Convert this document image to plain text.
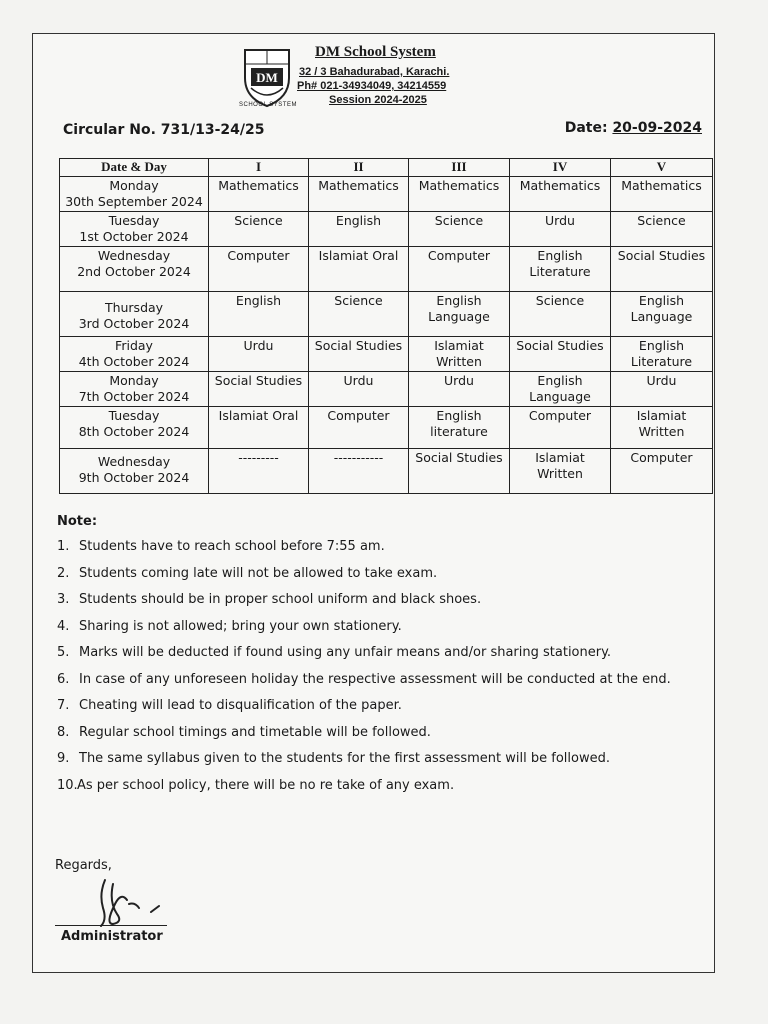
DM
SCHOOL SYSTEM
DM School System
32 / 3 Bahadurabad, Karachi.
Ph# 021-34934049, 34214559
Session 2024-2025
Circular No. 731/13-24/25	Date: 20-09-2024
Date & Day	I	II	III	IV	V
Monday
30th September 2024	Mathematics	Mathematics	Mathematics	Mathematics	Mathematics
Tuesday
1st October 2024	Science	English	Science	Urdu	Science
Wednesday
2nd October 2024	Computer	Islamiat Oral	Computer	English Literature	Social Studies
Thursday
3rd October 2024	English	Science	English Language	Science	English Language
Friday
4th October 2024	Urdu	Social Studies	Islamiat Written	Social Studies	English Literature
Monday
7th October 2024	Social Studies	Urdu	Urdu	English Language	Urdu
Tuesday
8th October 2024	Islamiat Oral	Computer	English literature	Computer	Islamiat Written
Wednesday
9th October 2024	---------	-----------	Social Studies	Islamiat Written	Computer
Note:
1. Students have to reach school before 7:55 am.
2. Students coming late will not be allowed to take exam.
3. Students should be in proper school uniform and black shoes.
4. Sharing is not allowed; bring your own stationery.
5. Marks will be deducted if found using any unfair means and/or sharing stationery.
6. In case of any unforeseen holiday the respective assessment will be conducted at the end.
7. Cheating will lead to disqualification of the paper.
8. Regular school timings and timetable will be followed.
9. The same syllabus given to the students for the first assessment will be followed.
10. As per school policy, there will be no re take of any exam.
Regards,
Administrator
